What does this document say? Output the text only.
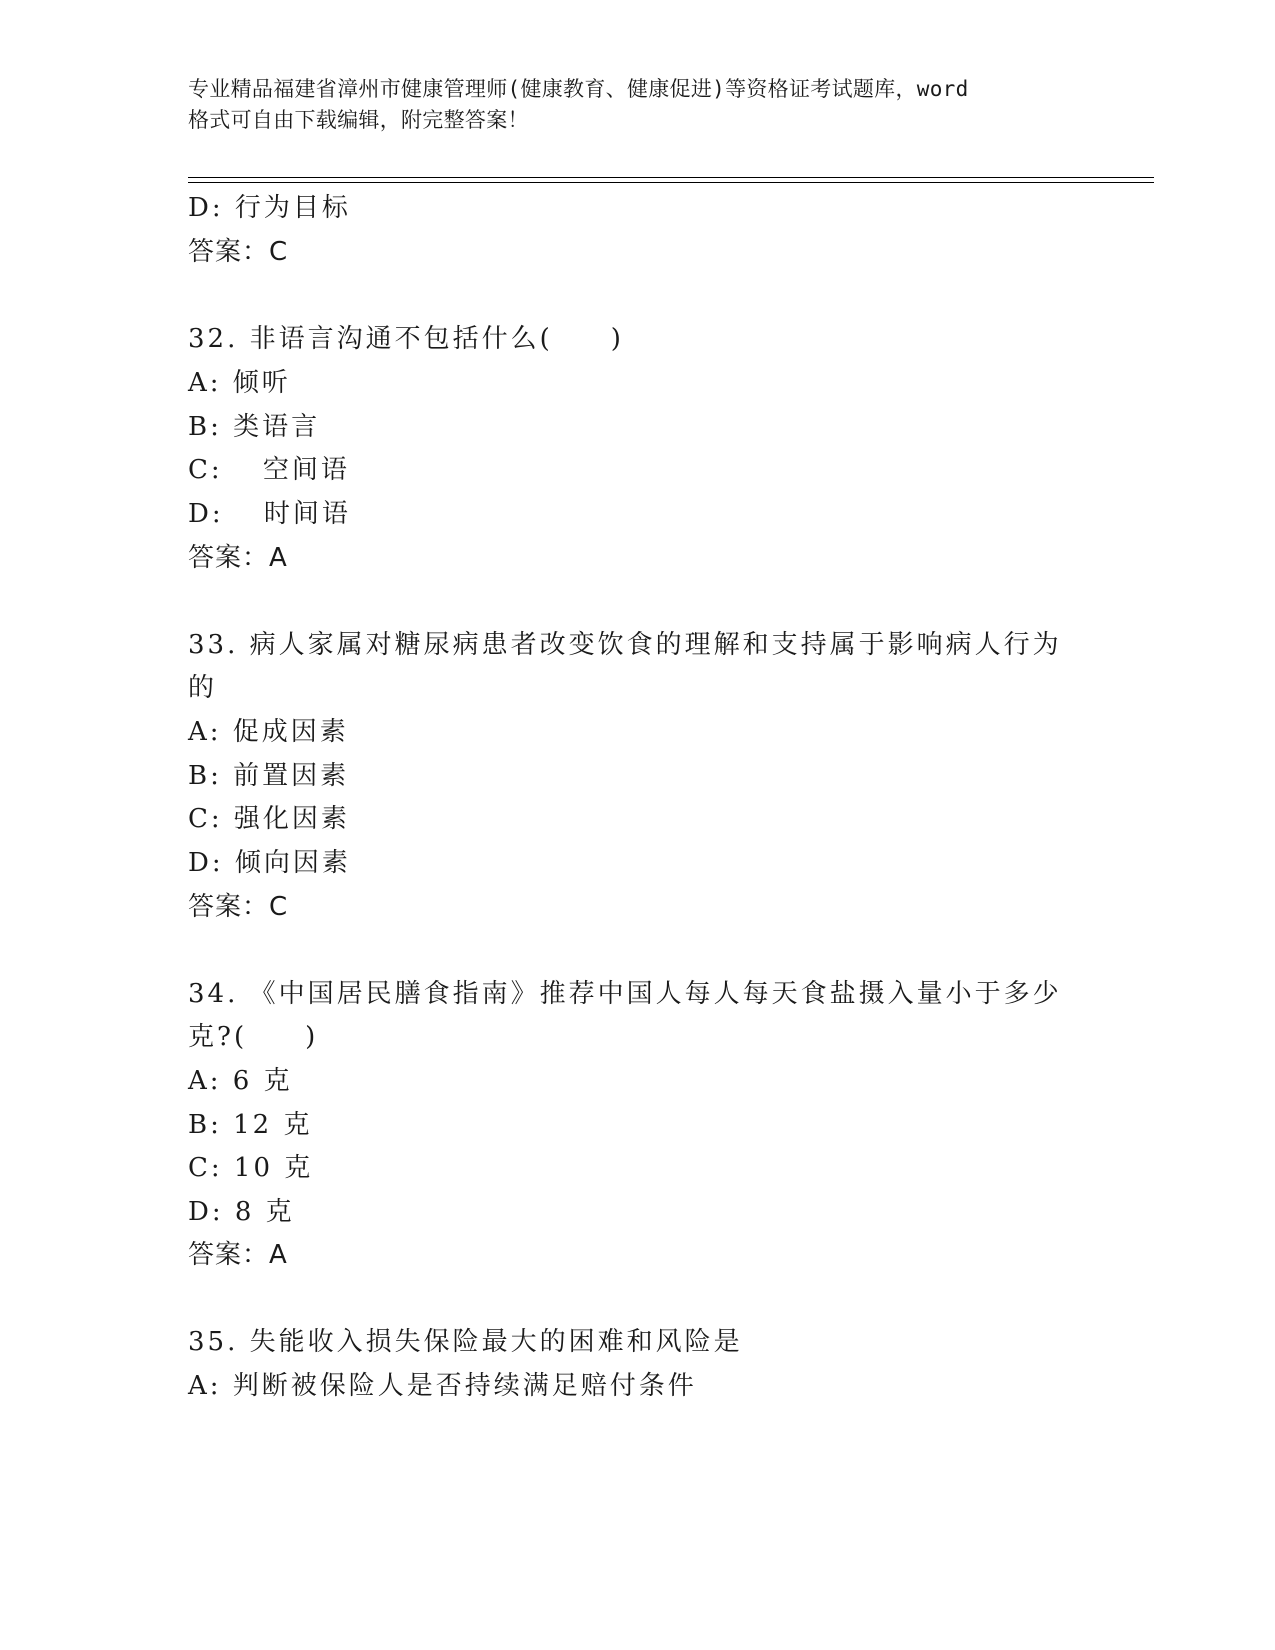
专业精品福建省漳州市健康管理师(健康教育、健康促进)等资格证考试题库，word
格式可自由下载编辑，附完整答案！
D: 行为目标
答案：C
32. 非语言沟通不包括什么(　　)
A: 倾听
B: 类语言
C: 　空间语
D: 　时间语
答案：A
33. 病人家属对糖尿病患者改变饮食的理解和支持属于影响病人行为
的
A: 促成因素
B: 前置因素
C: 强化因素
D: 倾向因素
答案：C
34. 《中国居民膳食指南》推荐中国人每人每天食盐摄入量小于多少
克?(　　)
A: 6 克
B: 12 克
C: 10 克
D: 8 克
答案：A
35. 失能收入损失保险最大的困难和风险是
A: 判断被保险人是否持续满足赔付条件
